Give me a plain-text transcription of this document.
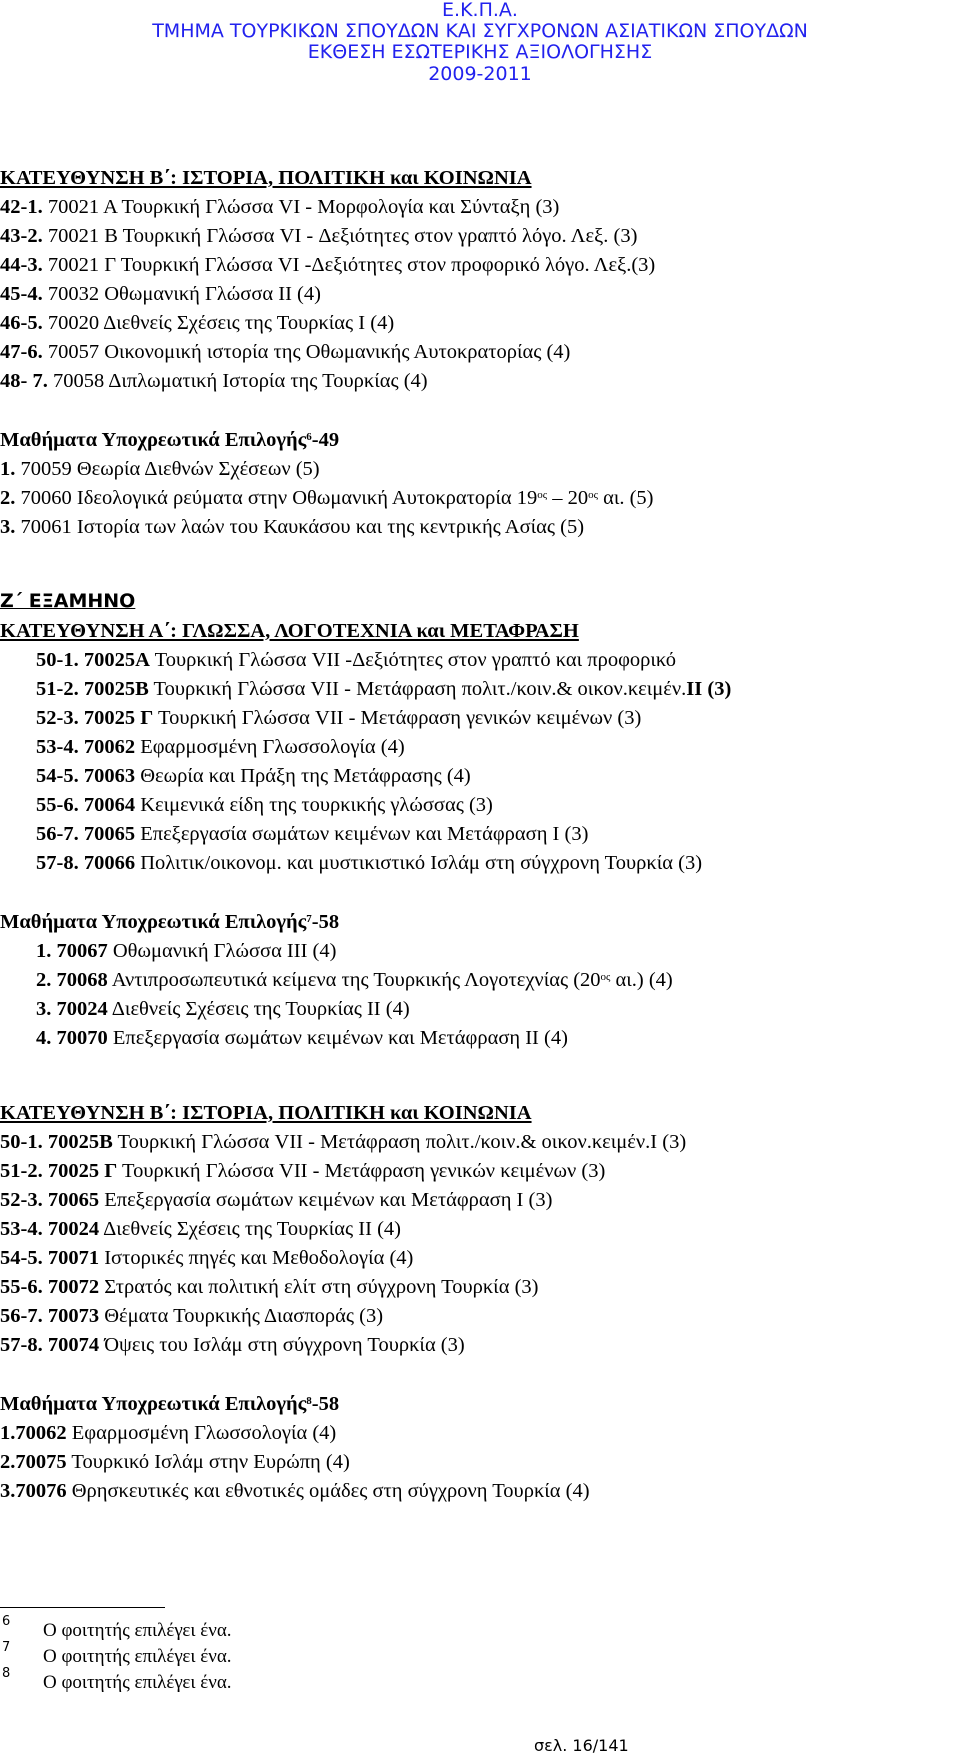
Ε.Κ.Π.Α.
ΤΜΗΜΑ ΤΟΥΡΚΙΚΩΝ ΣΠΟΥΔΩΝ ΚΑΙ ΣΥΓΧΡΟΝΩΝ ΑΣΙΑΤΙΚΩΝ ΣΠΟΥΔΩΝ
ΕΚΘΕΣΗ ΕΣΩΤΕΡΙΚΗΣ ΑΞΙΟΛΟΓΗΣΗΣ
2009-2011
ΚΑΤΕΥΘΥΝΣΗ Β΄: ΙΣΤΟΡΙΑ, ΠΟΛΙΤΙΚΗ και ΚΟΙΝΩΝΙΑ
42-1. 70021 Α Τουρκική Γλώσσα VI - Μορφολογία και Σύνταξη (3)
43-2. 70021 Β Τουρκική Γλώσσα VI - Δεξιότητες στον γραπτό λόγο. Λεξ. (3)
44-3. 70021 Γ Τουρκική Γλώσσα VI -Δεξιότητες στον προφορικό λόγο. Λεξ.(3)
45-4. 70032 Οθωμανική Γλώσσα ΙΙ (4)
46-5. 70020 Διεθνείς Σχέσεις της Τουρκίας Ι (4)
47-6. 70057 Οικονομική ιστορία της Οθωμανικής Αυτοκρατορίας (4)
48- 7. 70058 Διπλωματική Ιστορία της Τουρκίας (4)
Μαθήματα Υποχρεωτικά Επιλογής$^6$-49
1. 70059 Θεωρία Διεθνών Σχέσεων (5)
2. 70060 Ιδεολογικά ρεύματα στην Οθωμανική Αυτοκρατορία $19^{o\varsigma} - 20^{o\varsigma}$ αι. (5)
3. 70061 Ιστορία των λαών του Καυκάσου και της κεντρικής Ασίας (5)
Ζ΄ ΕΞΑΜΗΝΟ
ΚΑΤΕΥΘΥΝΣΗ Α΄: ΓΛΩΣΣΑ, ΛΟΓΟΤΕΧΝΙΑ και ΜΕΤΑΦΡΑΣΗ
50-1. 70025Α Τουρκική Γλώσσα VII -Δεξιότητες στον γραπτό και προφορικό
51-2. 70025Β Τουρκική Γλώσσα VII - Μετάφραση πολιτ./κοιν.& οικον.κειμέν.ΙΙ (3)
52-3. 70025 Γ Τουρκική Γλώσσα VII - Μετάφραση γενικών κειμένων (3)
53-4. 70062 Εφαρμοσμένη Γλωσσολογία (4)
54-5. 70063 Θεωρία και Πράξη της Μετάφρασης (4)
55-6. 70064 Κειμενικά είδη της τουρκικής γλώσσας (3)
56-7. 70065 Επεξεργασία σωμάτων κειμένων και Μετάφραση Ι (3)
57-8. 70066 Πολιτικ/οικονομ. και μυστικιστικό Ισλάμ στη σύγχρονη Τουρκία (3)
Μαθήματα Υποχρεωτικά Επιλογής$^7$-58
1. 70067 Οθωμανική Γλώσσα ΙΙΙ (4)
2. 70068 Αντιπροσωπευτικά κείμενα της Τουρκικής Λογοτεχνίας ($20^{o\varsigma}$ αι.) (4)
3. 70024 Διεθνείς Σχέσεις της Τουρκίας ΙΙ (4)
4. 70070 Επεξεργασία σωμάτων κειμένων και Μετάφραση ΙΙ (4)
ΚΑΤΕΥΘΥΝΣΗ Β΄: ΙΣΤΟΡΙΑ, ΠΟΛΙΤΙΚΗ και ΚΟΙΝΩΝΙΑ
50-1. 70025Β Τουρκική Γλώσσα VII - Μετάφραση πολιτ./κοιν.& οικον.κειμέν.Ι (3)
51-2. 70025 Γ Τουρκική Γλώσσα VII - Μετάφραση γενικών κειμένων (3)
52-3. 70065 Επεξεργασία σωμάτων κειμένων και Μετάφραση Ι (3)
53-4. 70024 Διεθνείς Σχέσεις της Τουρκίας ΙΙ (4)
54-5. 70071 Ιστορικές πηγές και Μεθοδολογία (4)
55-6. 70072 Στρατός και πολιτική ελίτ στη σύγχρονη Τουρκία (3)
56-7. 70073 Θέματα Τουρκικής Διασποράς (3)
57-8. 70074 Όψεις του Ισλάμ στη σύγχρονη Τουρκία (3)
Μαθήματα Υποχρεωτικά Επιλογής$^8$-58
1.70062 Εφαρμοσμένη Γλωσσολογία (4)
2.70075 Τουρκικό Ισλάμ στην Ευρώπη (4)
3.70076 Θρησκευτικές και εθνοτικές ομάδες στη σύγχρονη Τουρκία (4)
6 Ο φοιτητής επιλέγει ένα.
7 Ο φοιτητής επιλέγει ένα.
8 Ο φοιτητής επιλέγει ένα.
σελ. 16/141
